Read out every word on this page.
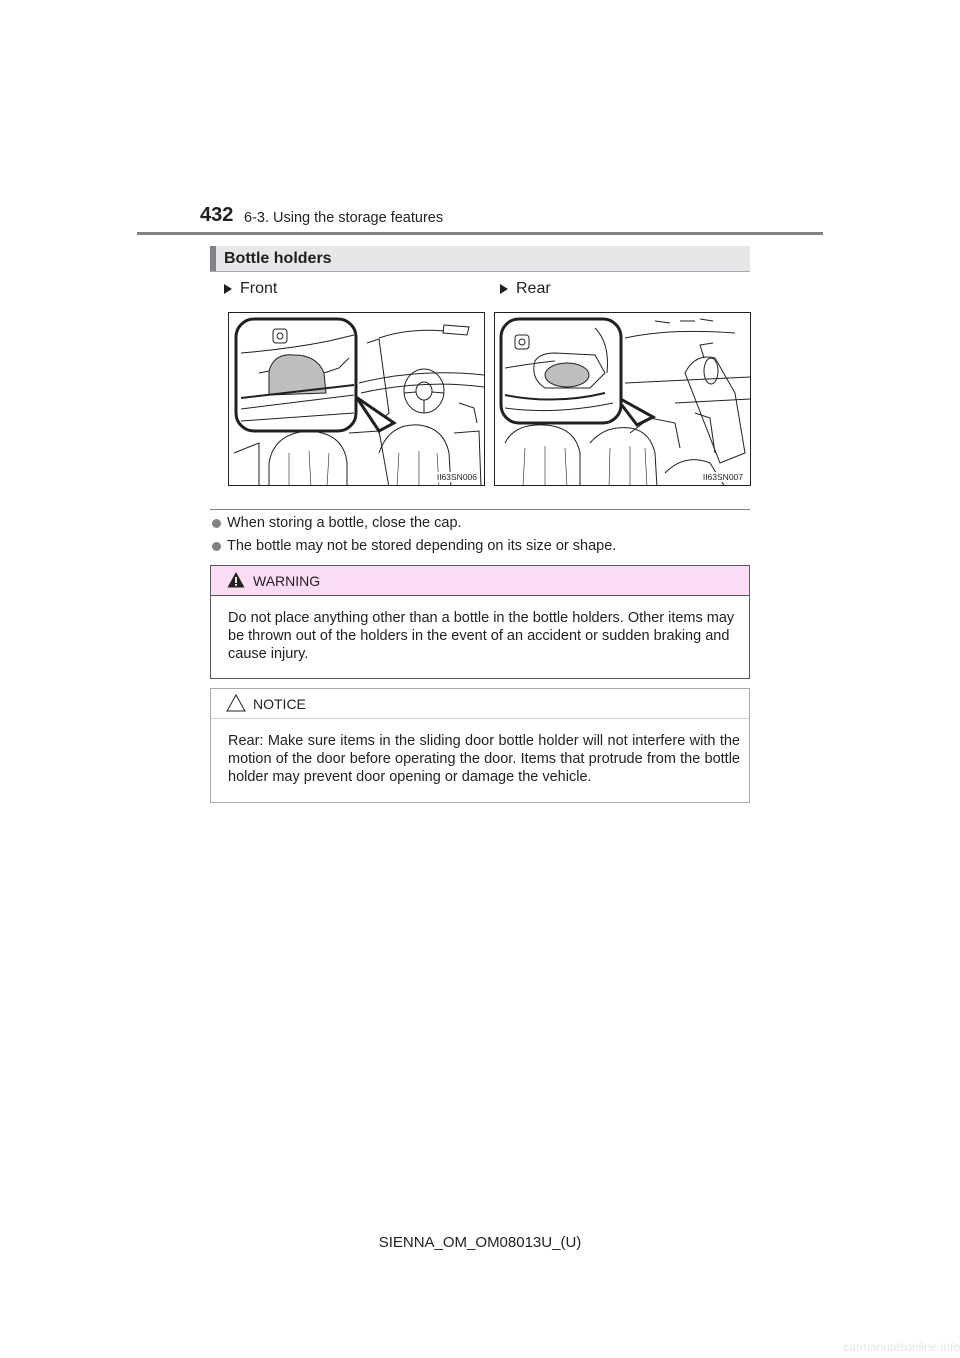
432 6-3. Using the storage features
Bottle holders
Front	Rear
II63SN006	II63SN007
When storing a bottle, close the cap.
The bottle may not be stored depending on its size or shape.
WARNING
Do not place anything other than a bottle in the bottle holders. Other items may be thrown out of the holders in the event of an accident or sudden braking and cause injury.
NOTICE
Rear: Make sure items in the sliding door bottle holder will not interfere with the motion of the door before operating the door. Items that protrude from the bottle holder may prevent door opening or damage the vehicle.
SIENNA_OM_OM08013U_(U)
carmanualsonline.info
